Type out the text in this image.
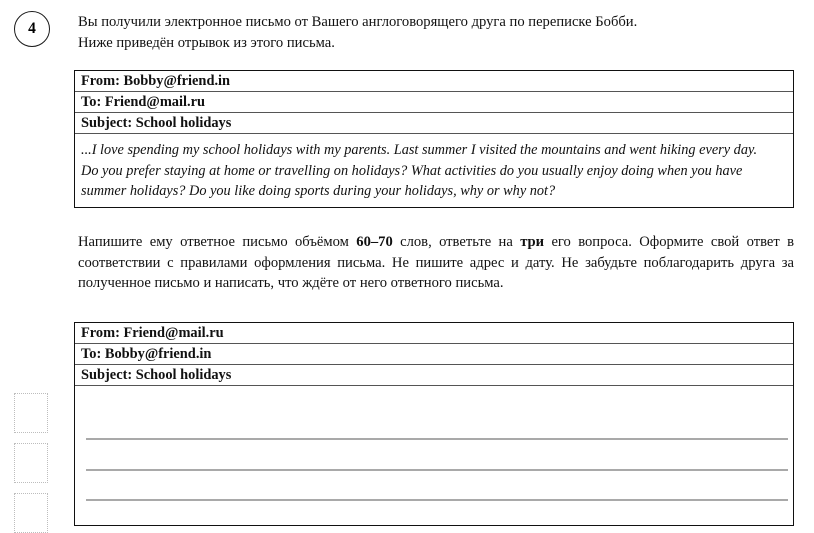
4	Вы получили электронное письмо от Вашего англоговорящего друга по переписке Бобби.
Ниже приведён отрывок из этого письма.
From: Bobby@friend.in
To: Friend@mail.ru
Subject: School holidays

...I love spending my school holidays with my parents. Last summer I visited the mountains and went hiking every day.

Do you prefer staying at home or travelling on holidays? What activities do you usually enjoy doing when you have summer holidays? Do you like doing sports during your holidays, why or why not?

Напишите ему ответное письмо объёмом 60–70 слов, ответьте на три его вопроса. Оформите свой ответ в соответствии с правилами оформления письма. Не пишите адрес и дату. Не забудьте поблагодарить друга за полученное письмо и написать, что ждёте от него ответного письма.
From: Friend@mail.ru
To: Bobby@friend.in
Subject: School holidays
